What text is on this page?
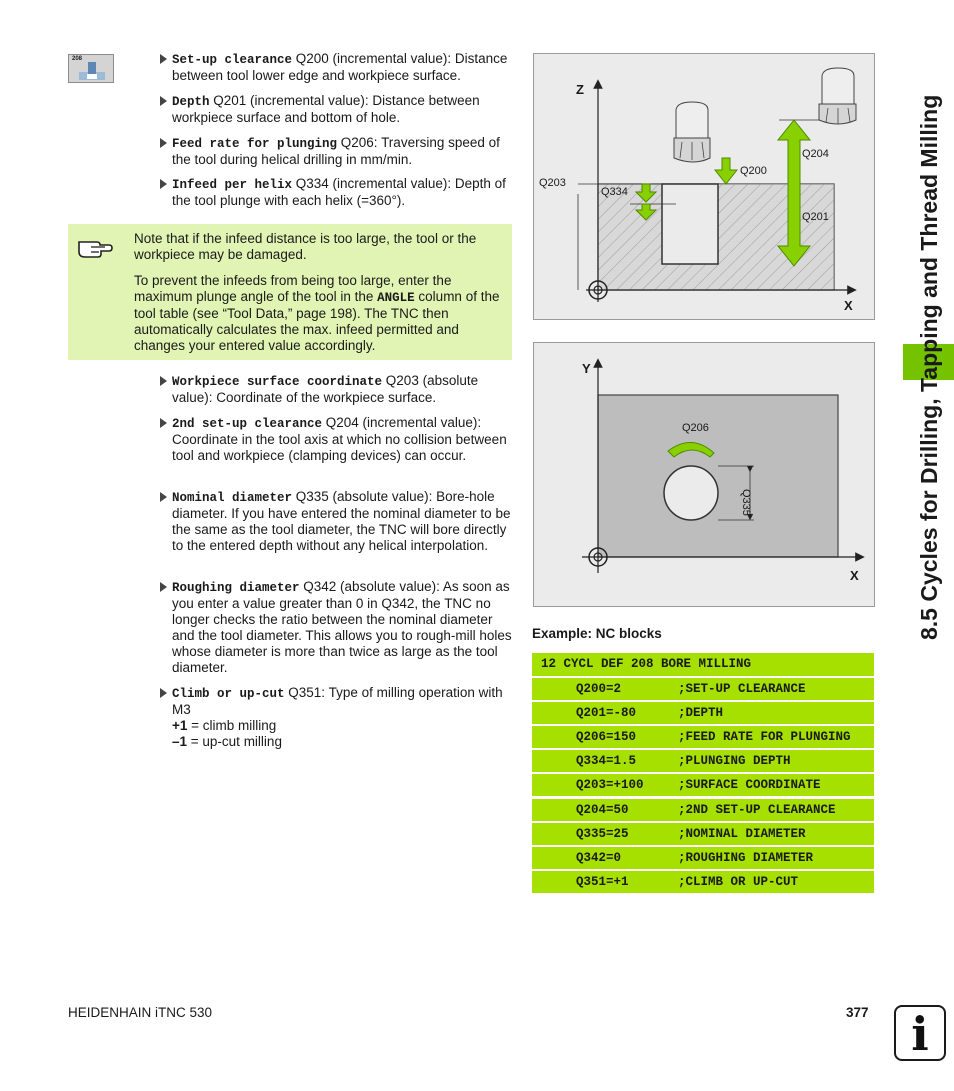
208	Set-up clearance Q200 (incremental value): Distance between tool lower edge and workpiece surface.
Depth Q201 (incremental value): Distance between workpiece surface and bottom of hole.
Feed rate for plunging Q206: Traversing speed of the tool during helical drilling in mm/min.
Infeed per helix Q334 (incremental value): Depth of the tool plunge with each helix (=360°).

Note that if the infeed distance is too large, the tool or the workpiece may be damaged.

To prevent the infeeds from being too large, enter the maximum plunge angle of the tool in the ANGLE column of the tool table (see “Tool Data,” page 198). The TNC then automatically calculates the max. infeed permitted and changes your entered value accordingly.

Workpiece surface coordinate Q203 (absolute value): Coordinate of the workpiece surface.
2nd set-up clearance Q204 (incremental value): Coordinate in the tool axis at which no collision between tool and workpiece (clamping devices) can occur.
Nominal diameter Q335 (absolute value): Bore-hole diameter. If you have entered the nominal diameter to be the same as the tool diameter, the TNC will bore directly to the entered depth without any helical interpolation.
Roughing diameter Q342 (absolute value): As soon as you enter a value greater than 0 in Q342, the TNC no longer checks the ratio between the nominal diameter and the tool diameter. This allows you to rough-mill holes whose diameter is more than twice as large as the tool diameter.
Climb or up-cut Q351: Type of milling operation with M3
+1 = climb milling
–1 = up-cut milling
Z
X
Q203
Q334
Q200
Q204
Q201
Y
X
Q206
Q335
Example: NC blocks
12 CYCL DEF 208 BORE MILLING
Q200=2	;SET-UP CLEARANCE
Q201=-80	;DEPTH
Q206=150	;FEED RATE FOR PLUNGING
Q334=1.5	;PLUNGING DEPTH
Q203=+100	;SURFACE COORDINATE
Q204=50	;2ND SET-UP CLEARANCE
Q335=25	;NOMINAL DIAMETER
Q342=0	;ROUGHING DIAMETER
Q351=+1	;CLIMB OR UP-CUT
8.5 Cycles for Drilling, Tapping and Thread Milling
HEIDENHAIN iTNC 530	377 i
